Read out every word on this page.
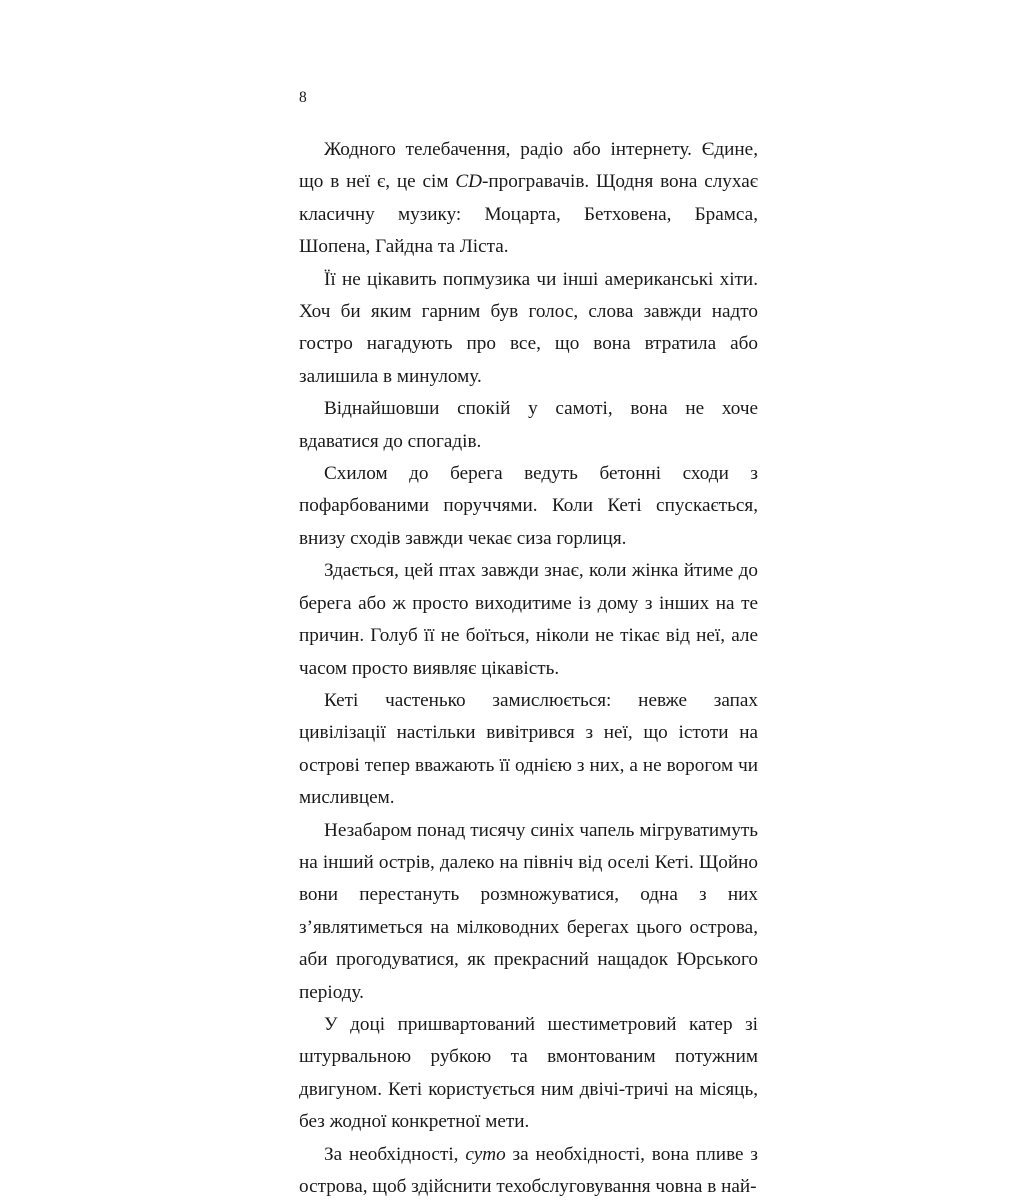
8

Жодного телебачення, радіо або інтернету. Єдине, що в неї є, це сім CD-програвачів. Щодня вона слухає класичну музику: Моцарта, Бетховена, Брамса, Шопена, Гайдна та Ліста.

Її не цікавить попмузика чи інші американські хіти. Хоч би яким гарним був голос, слова завжди надто гостро нагадують про все, що вона втратила або залишила в минулому.

Віднайшовши спокій у самоті, вона не хоче вдаватися до спогадів.

Схилом до берега ведуть бетонні сходи з пофарбованими поруччями. Коли Кеті спускається, внизу сходів завжди чекає сиза горлиця.

Здається, цей птах завжди знає, коли жінка йтиме до берега або ж просто виходитиме із дому з інших на те причин. Голуб її не боїться, ніколи не тікає від неї, але часом просто виявляє цікавість.

Кеті частенько замислюється: невже запах цивілізації настільки вивітрився з неї, що істоти на острові тепер вважають її однією з них, а не ворогом чи мисливцем.

Незабаром понад тисячу синіх чапель мігруватимуть на інший острів, далеко на північ від оселі Кеті. Щойно вони перестануть розмножуватися, одна з них з’являтиметься на мілководних берегах цього острова, аби прогодуватися, як прекрасний нащадок Юрського періоду.

У доці пришвартований шестиметровий катер зі штурвальною рубкою та вмонтованим потужним двигуном. Кеті користується ним двічі-тричі на місяць, без жодної конкретної мети.

За необхідності, суто за необхідності, вона пливе з острова, щоб здійснити техобслуговування човна в най-
